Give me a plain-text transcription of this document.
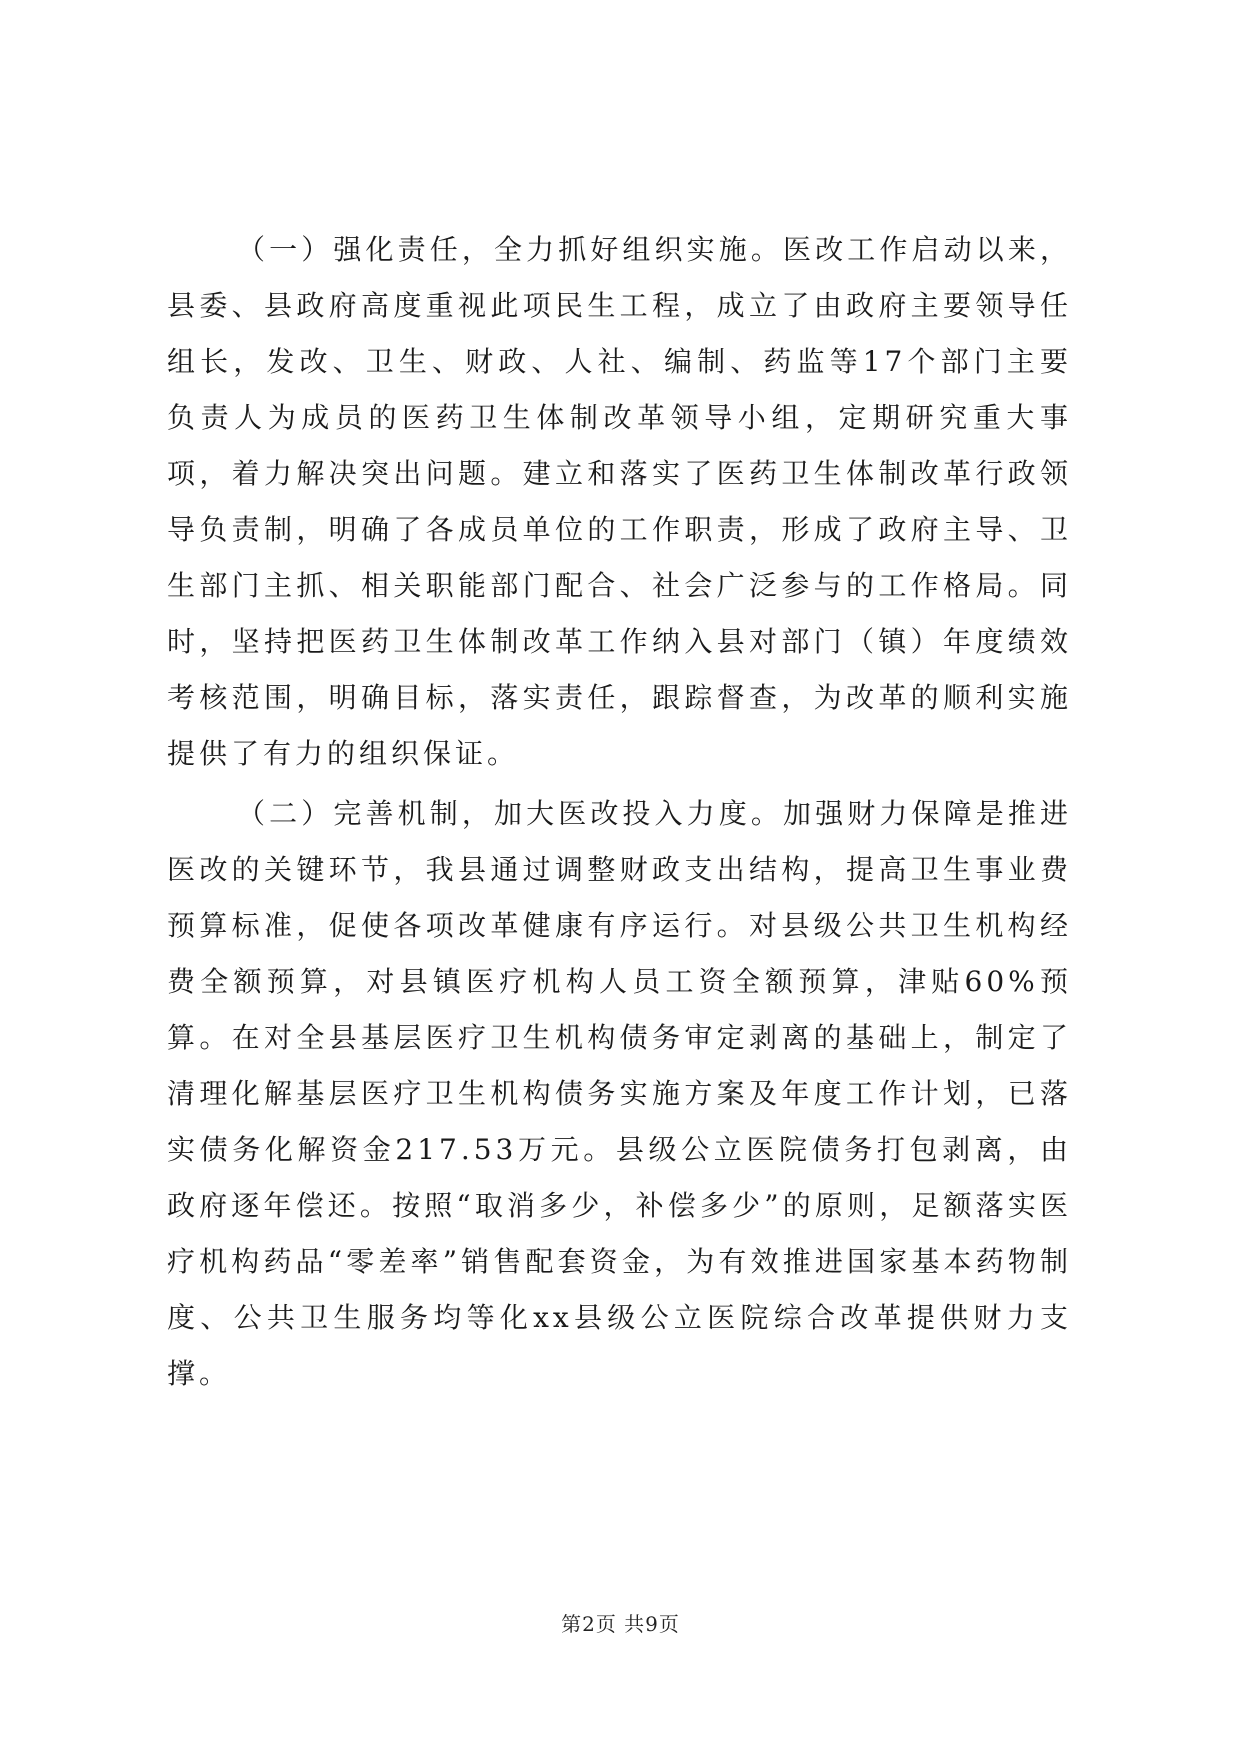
（一）强化责任，全力抓好组织实施。医改工作启动以来，县委、县政府高度重视此项民生工程，成立了由政府主要领导任组长，发改、卫生、财政、人社、编制、药监等17个部门主要负责人为成员的医药卫生体制改革领导小组，定期研究重大事项，着力解决突出问题。建立和落实了医药卫生体制改革行政领导负责制，明确了各成员单位的工作职责，形成了政府主导、卫生部门主抓、相关职能部门配合、社会广泛参与的工作格局。同时，坚持把医药卫生体制改革工作纳入县对部门（镇）年度绩效考核范围，明确目标，落实责任，跟踪督查，为改革的顺利实施提供了有力的组织保证。

（二）完善机制，加大医改投入力度。加强财力保障是推进医改的关键环节，我县通过调整财政支出结构，提高卫生事业费预算标准，促使各项改革健康有序运行。对县级公共卫生机构经费全额预算，对县镇医疗机构人员工资全额预算，津贴60%预算。在对全县基层医疗卫生机构债务审定剥离的基础上，制定了清理化解基层医疗卫生机构债务实施方案及年度工作计划，已落实债务化解资金217.53万元。县级公立医院债务打包剥离，由政府逐年偿还。按照“取消多少，补偿多少”的原则，足额落实医疗机构药品“零差率”销售配套资金，为有效推进国家基本药物制度、公共卫生服务均等化xx县级公立医院综合改革提供财力支撑。

第2页 共9页
